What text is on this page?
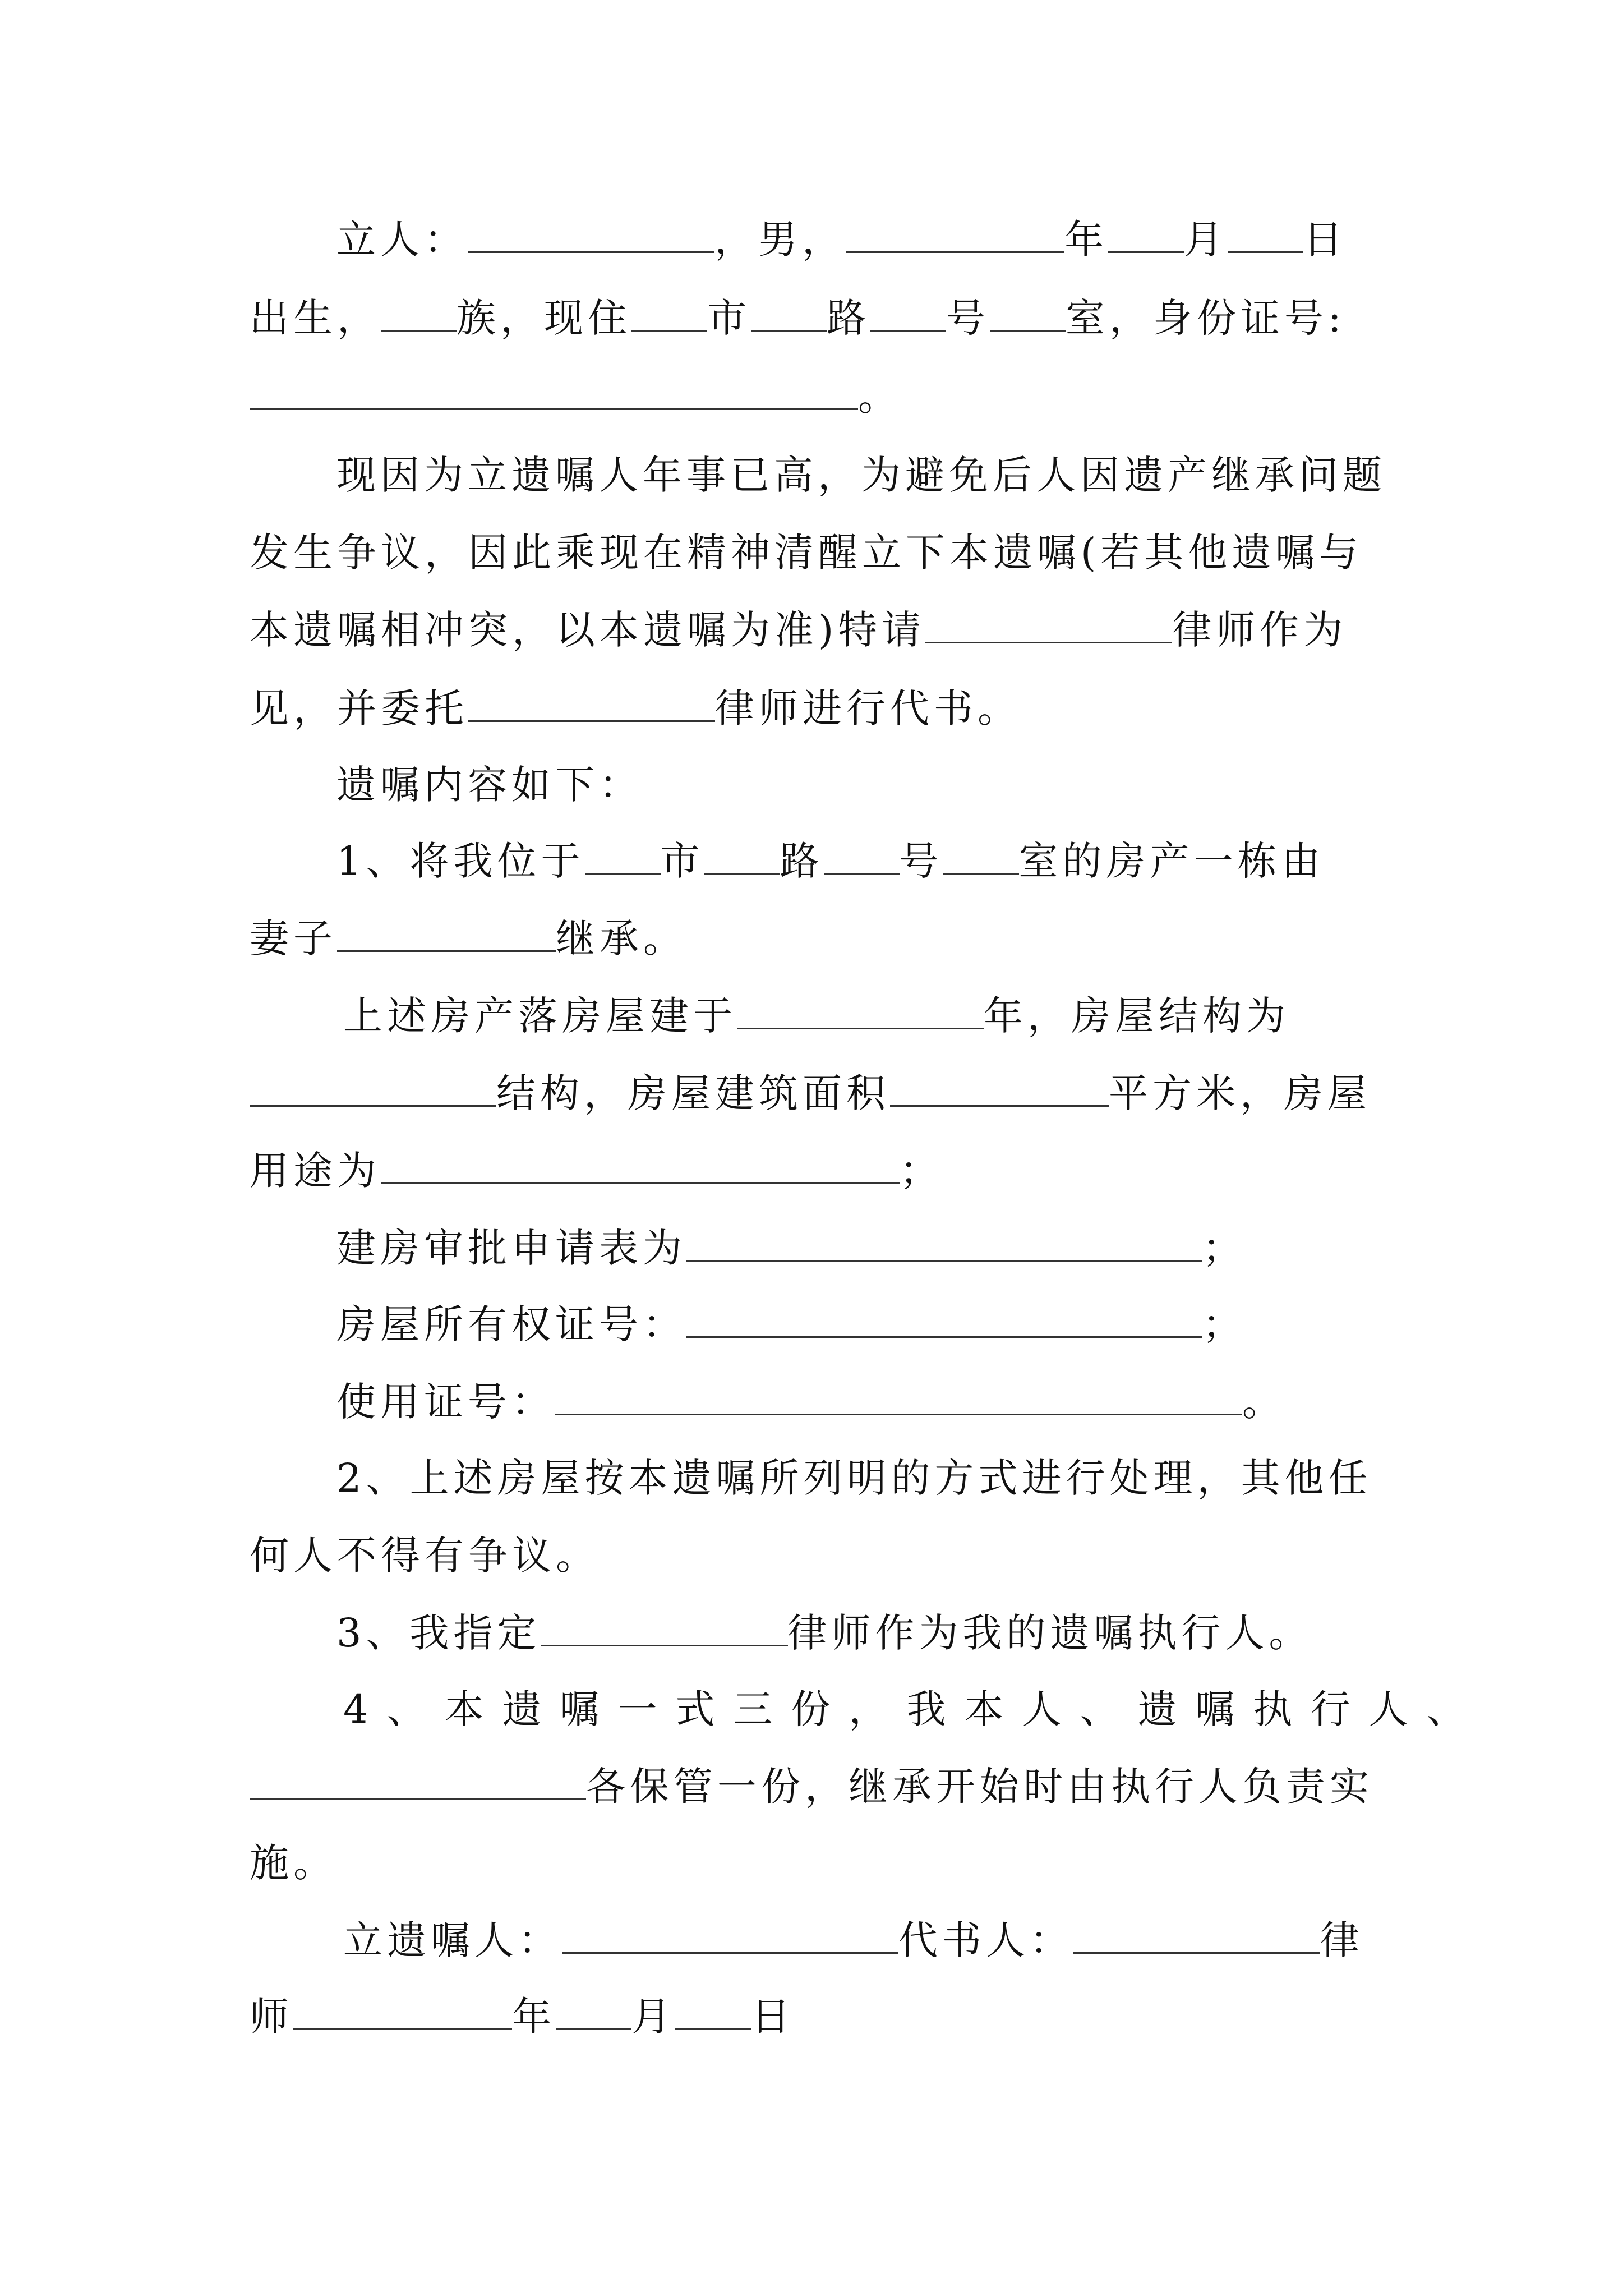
立人：	，男，	年 月 日
出生， 族，现住 市 路 号 室，身份证号:
。
现因为立遗嘱人年事已高，为避免后人因遗产继承问题
发生争议，因此乘现在精神清醒立下本遗嘱(若其他遗嘱与
本遗嘱相冲突，以本遗嘱为准)特请	律师作为
见，并委托	律师进行代书。
遗嘱内容如下：
1、将我位于 市 路 号 室的房产一栋由
妻子	继承。
上述房产落房屋建于	年，房屋结构为
结构，房屋建筑面积	平方米，房屋
用途为	；
建房审批申请表为	；
房屋所有权证号：	；
使用证号：	。
2、上述房屋按本遗嘱所列明的方式进行处理，其他任
何人不得有争议。
3、我指定	律师作为我的遗嘱执行人。
4、本遗嘱一式三份，我本人、遗嘱执行人、
各保管一份，继承开始时由执行人负责实
施。
立遗嘱人：	代书人：	律
师	年 月 日
